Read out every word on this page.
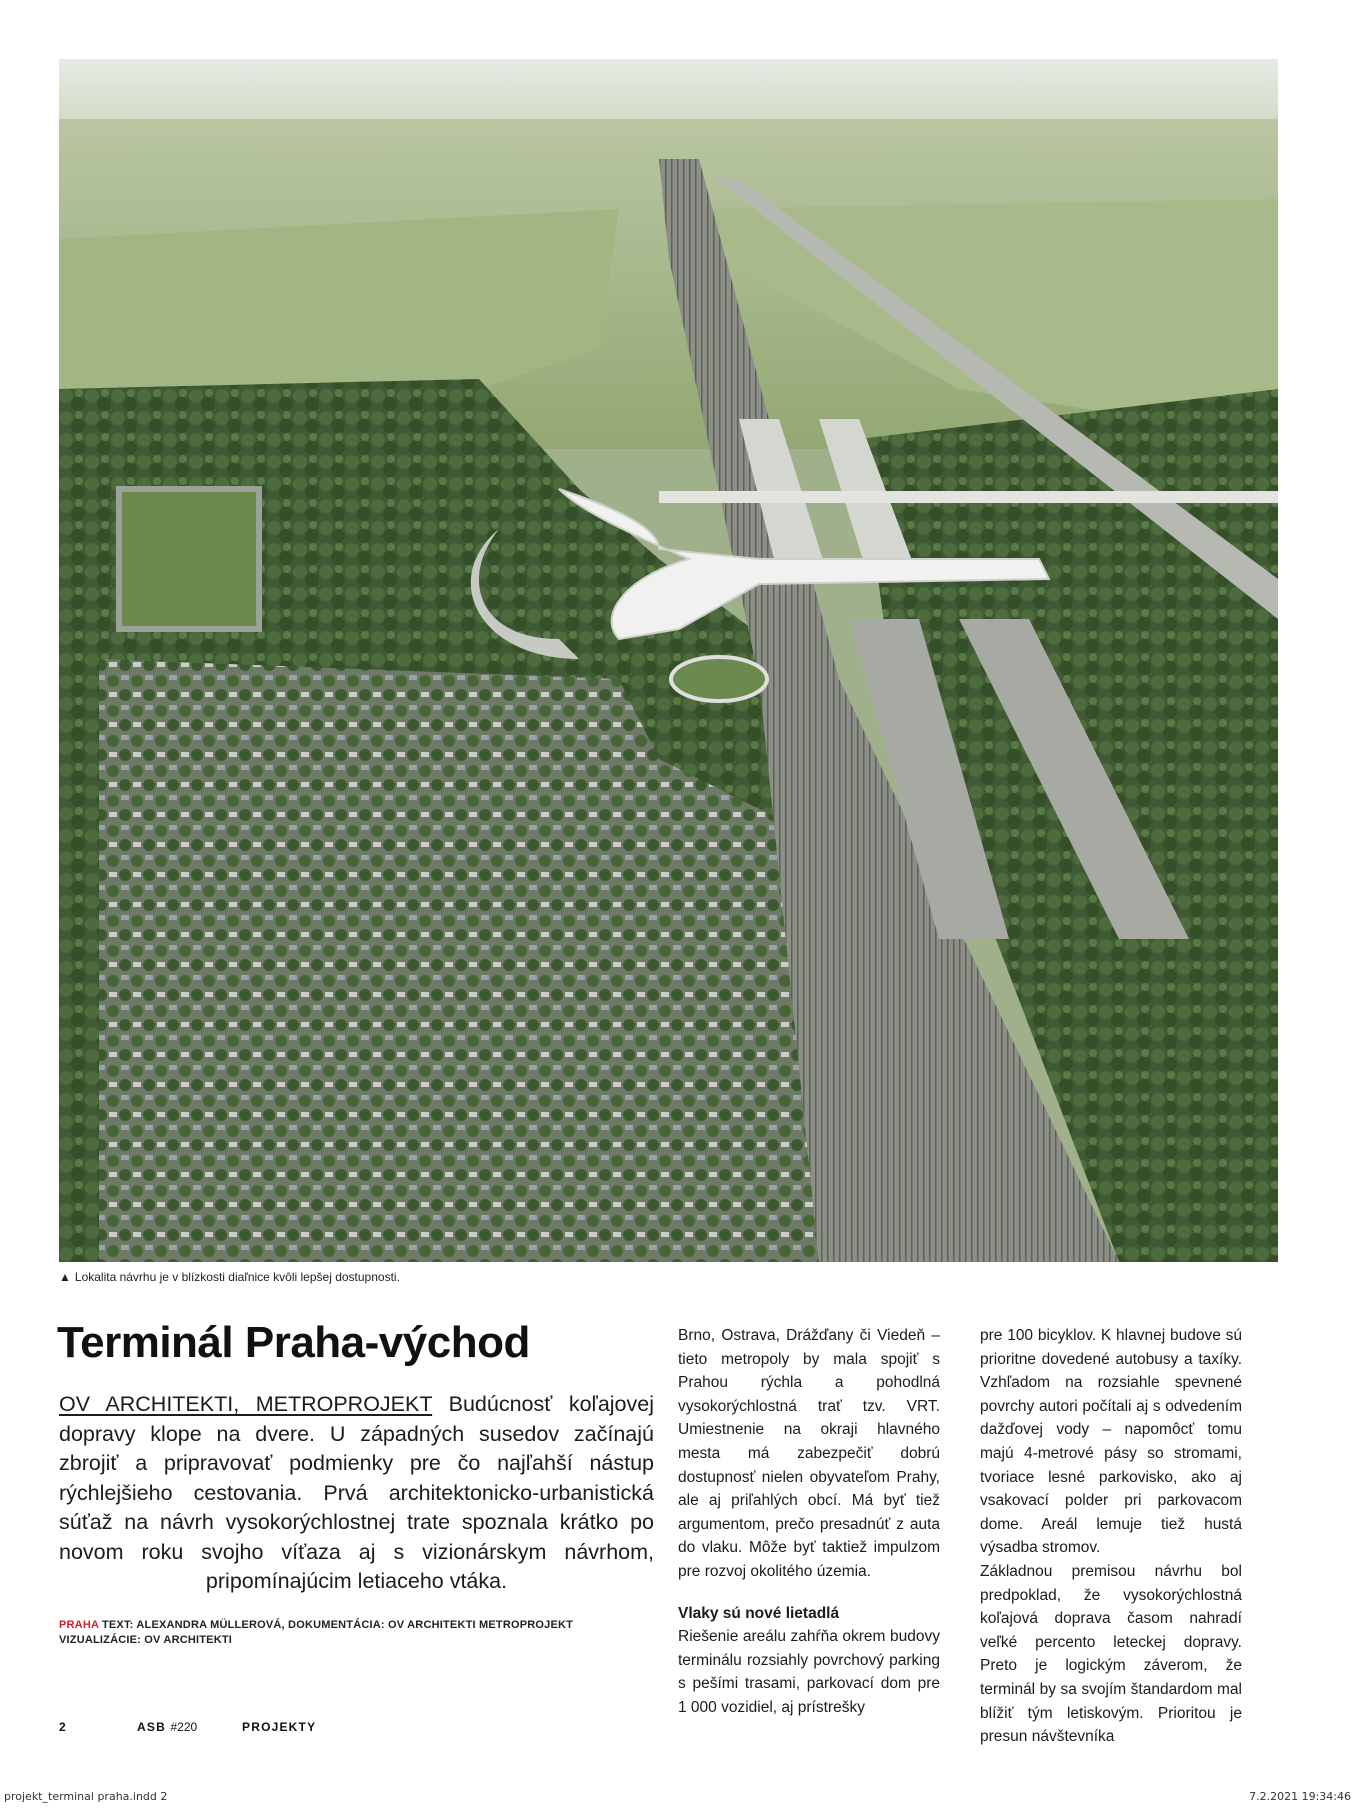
▲ Lokalita návrhu je v blízkosti diaľnice kvôli lepšej dostupnosti.
Terminál Praha-východ
OV ARCHITEKTI, METROPROJEKT Budúcnosť koľajovej dopravy klope na dvere. U západných susedov začínajú zbrojiť a pripravovať podmienky pre čo najľahší nástup rýchlejšieho cestovania. Prvá architektonicko-urbanistická súťaž na návrh vysokorýchlostnej trate spoznala krátko po novom roku svojho víťaza aj s vizionárskym návrhom, pripomínajúcim letiaceho vtáka.
PRAHA TEXT: ALEXANDRA MÜLLEROVÁ, DOKUMENTÁCIA: OV ARCHITEKTI METROPROJEKT
VIZUALIZÁCIE: OV ARCHITEKTI

Brno, Ostrava, Drážďany či Viedeň – tieto metropoly by mala spojiť s Prahou rýchla a pohodlná vysokorýchlostná trať tzv. VRT. Umiestnenie na okraji hlavného mesta má zabezpečiť dobrú dostupnosť nielen obyvateľom Prahy, ale aj priľahlých obcí. Má byť tiež argumentom, prečo presadnúť z auta do vlaku. Môže byť taktiež impulzom pre rozvoj okolitého územia.

Vlaky sú nové lietadlá

Riešenie areálu zahŕňa okrem budovy terminálu rozsiahly povrchový parking s pešími trasami, parkovací dom pre 1 000 vozidiel, aj prístrešky

pre 100 bicyklov. K hlavnej budove sú prioritne dovedené autobusy a taxíky. Vzhľadom na rozsiahle spevnené povrchy autori počítali aj s odvedením dažďovej vody – napomôcť tomu majú 4-metrové pásy so stromami, tvoriace lesné parkovisko, ako aj vsakovací polder pri parkovacom dome. Areál lemuje tiež hustá výsadba stromov.

Základnou premisou návrhu bol predpoklad, že vysokorýchlostná koľajová doprava časom nahradí veľké percento leteckej dopravy. Preto je logickým záverom, že terminál by sa svojím štandardom mal blížiť tým letiskovým. Prioritou je presun návštevníka

2	ASB #220	PROJEKTY
projekt_terminal praha.indd 2	7.2.2021 19:34:46
